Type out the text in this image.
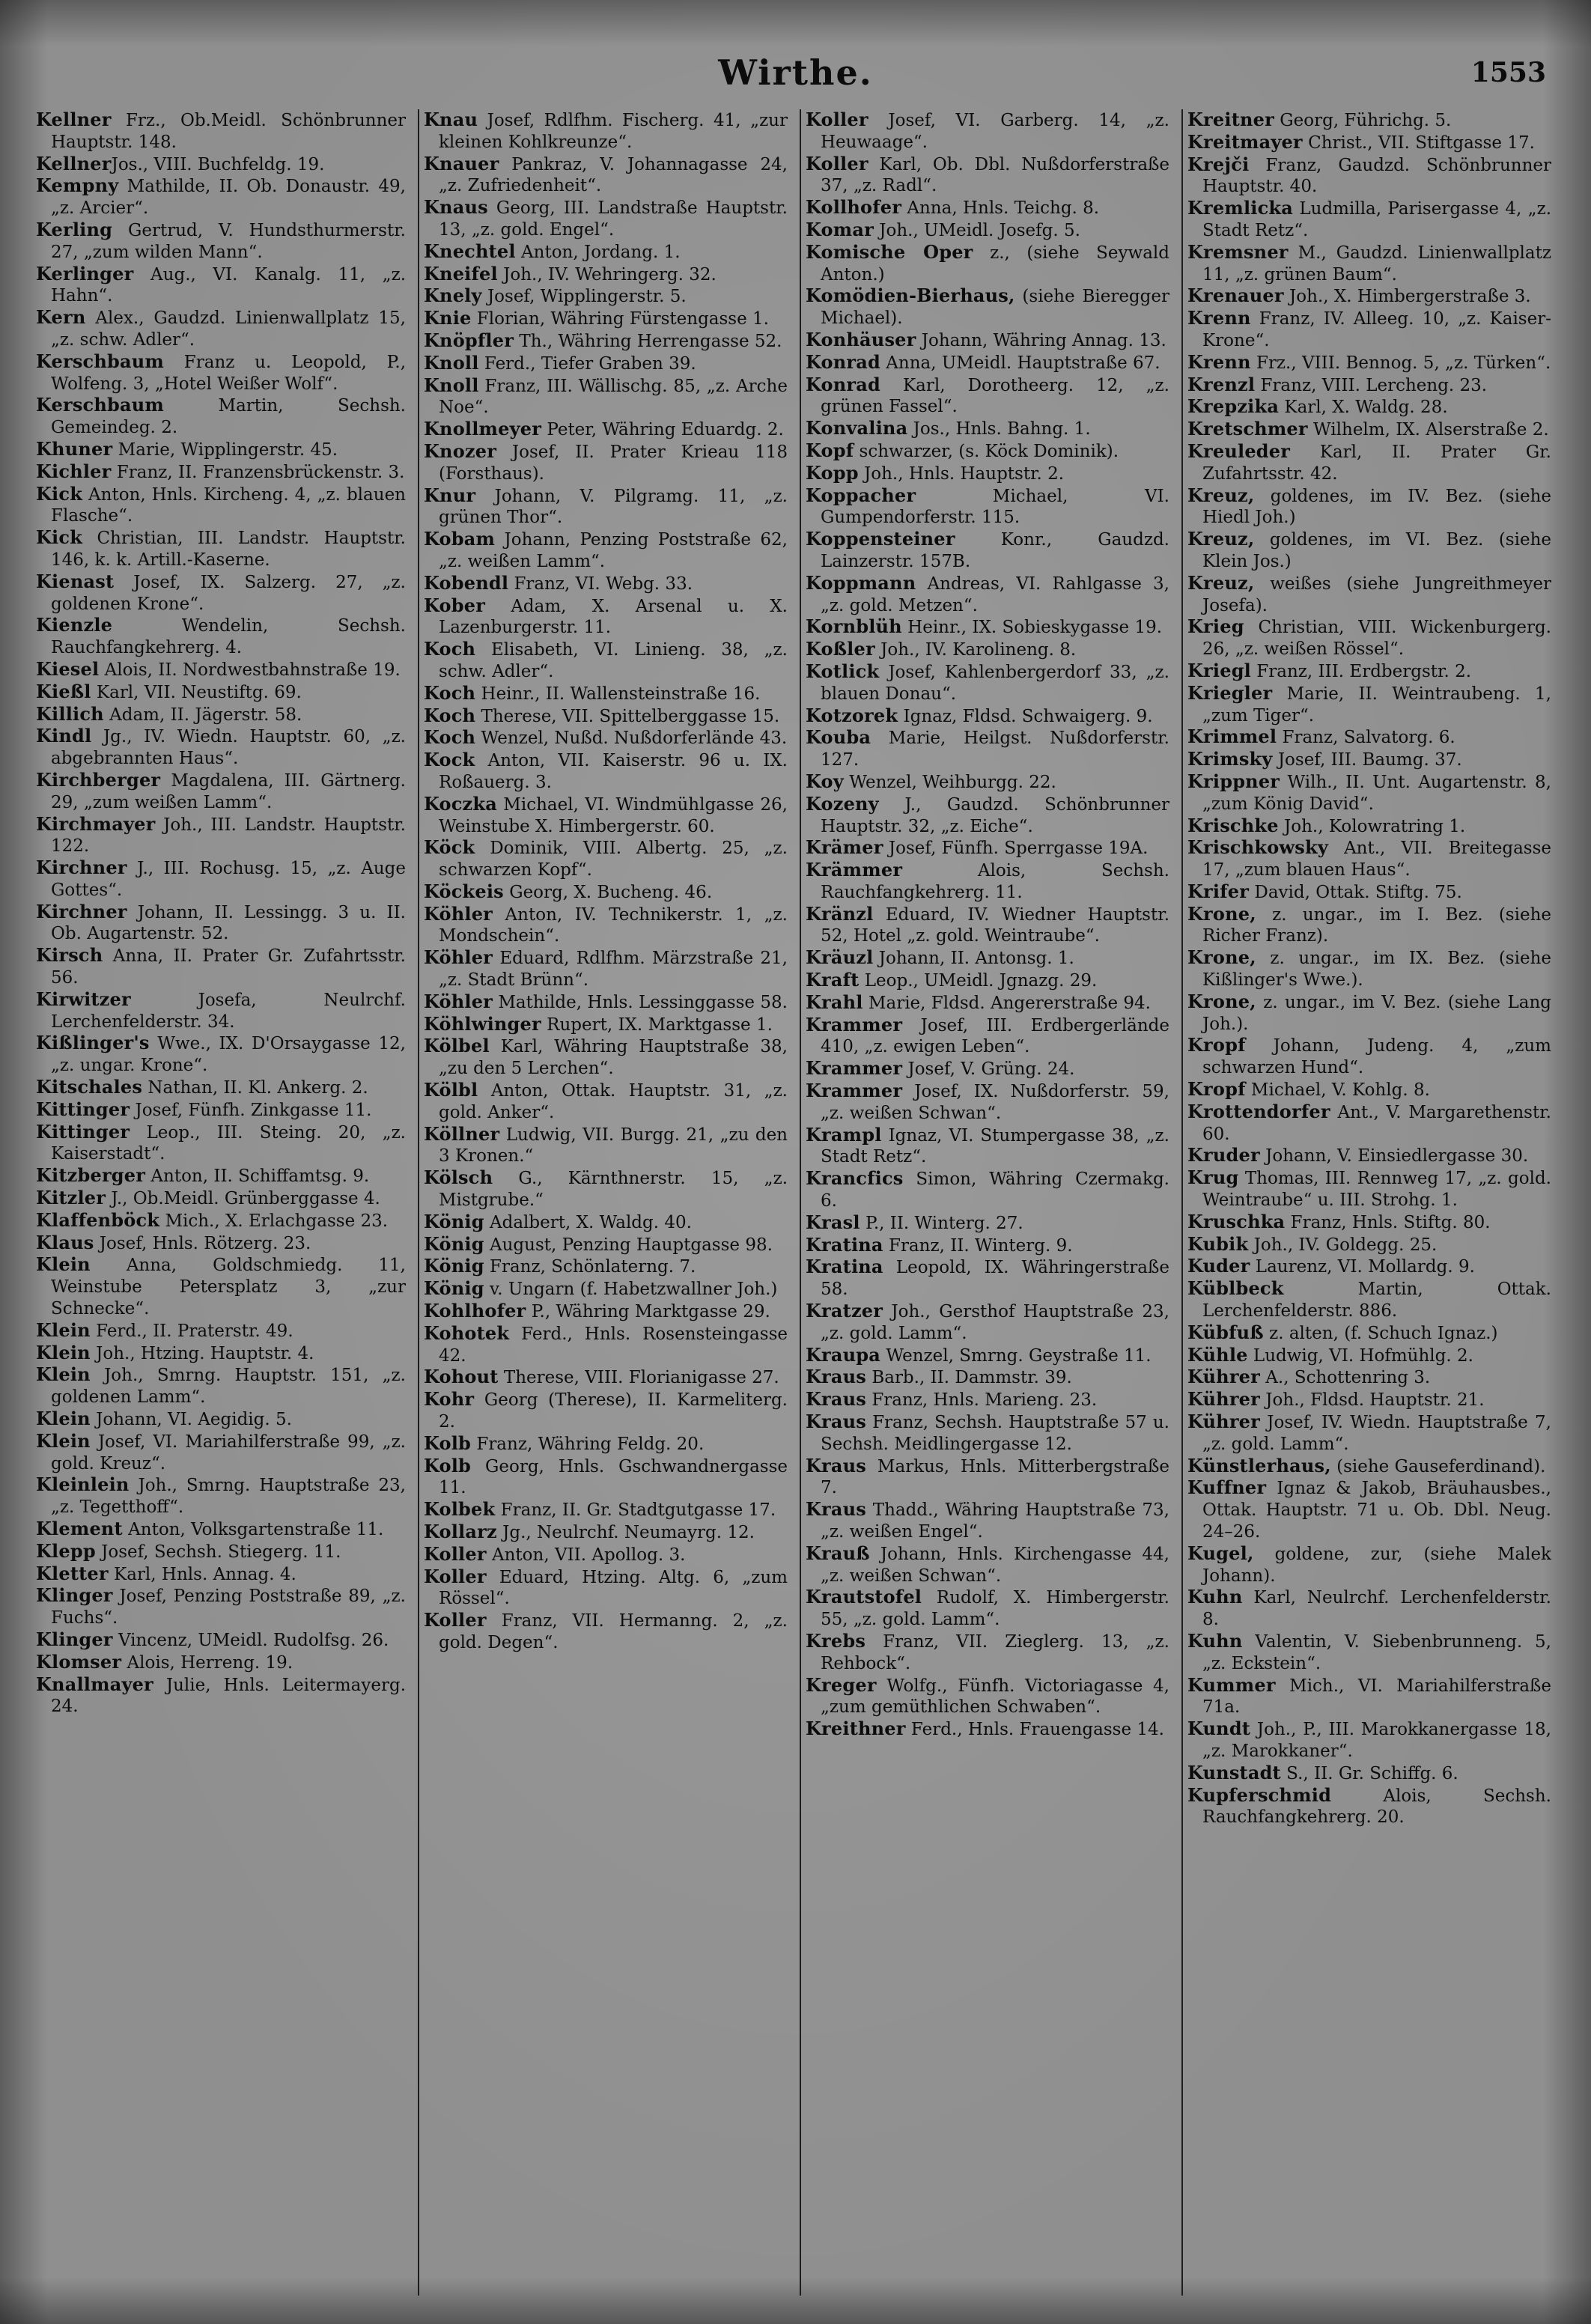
Wirthe.	1553

Kellner Frz., Ob.Meidl. Schönbrunner Hauptstr. 148.

KellnerJos., VIII. Buchfeldg. 19.

Kempny Mathilde, II. Ob. Donaustr. 49, „z. Arcier“.

Kerling Gertrud, V. Hundsthurmerstr. 27, „zum wilden Mann“.

Kerlinger Aug., VI. Kanalg. 11, „z. Hahn“.

Kern Alex., Gaudzd. Linienwallplatz 15, „z. schw. Adler“.

Kerschbaum Franz u. Leopold, P., Wolfeng. 3, „Hotel Weißer Wolf“.

Kerschbaum Martin, Sechsh. Gemeindeg. 2.

Khuner Marie, Wipplingerstr. 45.

Kichler Franz, II. Franzensbrückenstr. 3.

Kick Anton, Hnls. Kircheng. 4, „z. blauen Flasche“.

Kick Christian, III. Landstr. Hauptstr. 146, k. k. Artill.-Kaserne.

Kienast Josef, IX. Salzerg. 27, „z. goldenen Krone“.

Kienzle Wendelin, Sechsh. Rauchfangkehrerg. 4.

Kiesel Alois, II. Nordwestbahnstraße 19.

Kießl Karl, VII. Neustiftg. 69.

Killich Adam, II. Jägerstr. 58.

Kindl Jg., IV. Wiedn. Hauptstr. 60, „z. abgebrannten Haus“.

Kirchberger Magdalena, III. Gärtnerg. 29, „zum weißen Lamm“.

Kirchmayer Joh., III. Landstr. Hauptstr. 122.

Kirchner J., III. Rochusg. 15, „z. Auge Gottes“.

Kirchner Johann, II. Lessingg. 3 u. II. Ob. Augartenstr. 52.

Kirsch Anna, II. Prater Gr. Zufahrtsstr. 56.

Kirwitzer Josefa, Neulrchf. Lerchenfelderstr. 34.

Kißlinger's Wwe., IX. D'Orsaygasse 12, „z. ungar. Krone“.

Kitschales Nathan, II. Kl. Ankerg. 2.

Kittinger Josef, Fünfh. Zinkgasse 11.

Kittinger Leop., III. Steing. 20, „z. Kaiserstadt“.

Kitzberger Anton, II. Schiffamtsg. 9.

Kitzler J., Ob.Meidl. Grünberggasse 4.

Klaffenböck Mich., X. Erlachgasse 23.

Klaus Josef, Hnls. Rötzerg. 23.

Klein Anna, Goldschmiedg. 11, Weinstube Petersplatz 3, „zur Schnecke“.

Klein Ferd., II. Praterstr. 49.

Klein Joh., Htzing. Hauptstr. 4.

Klein Joh., Smrng. Hauptstr. 151, „z. goldenen Lamm“.

Klein Johann, VI. Aegidig. 5.

Klein Josef, VI. Mariahilferstraße 99, „z. gold. Kreuz“.

Kleinlein Joh., Smrng. Hauptstraße 23, „z. Tegetthoff“.

Klement Anton, Volksgartenstraße 11.

Klepp Josef, Sechsh. Stiegerg. 11.

Kletter Karl, Hnls. Annag. 4.

Klinger Josef, Penzing Poststraße 89, „z. Fuchs“.

Klinger Vincenz, UMeidl. Rudolfsg. 26.

Klomser Alois, Herreng. 19.

Knallmayer Julie, Hnls. Leitermayerg. 24.

Knau Josef, Rdlfhm. Fischerg. 41, „zur kleinen Kohlkreunze“.

Knauer Pankraz, V. Johannagasse 24, „z. Zufriedenheit“.

Knaus Georg, III. Landstraße Hauptstr. 13, „z. gold. Engel“.

Knechtel Anton, Jordang. 1.

Kneifel Joh., IV. Wehringerg. 32.

Knely Josef, Wipplingerstr. 5.

Knie Florian, Währing Fürstengasse 1.

Knöpfler Th., Währing Herrengasse 52.

Knoll Ferd., Tiefer Graben 39.

Knoll Franz, III. Wällischg. 85, „z. Arche Noe“.

Knollmeyer Peter, Währing Eduardg. 2.

Knozer Josef, II. Prater Krieau 118 (Forsthaus).

Knur Johann, V. Pilgramg. 11, „z. grünen Thor“.

Kobam Johann, Penzing Poststraße 62, „z. weißen Lamm“.

Kobendl Franz, VI. Webg. 33.

Kober Adam, X. Arsenal u. X. Lazenburgerstr. 11.

Koch Elisabeth, VI. Linieng. 38, „z. schw. Adler“.

Koch Heinr., II. Wallensteinstraße 16.

Koch Therese, VII. Spittelberggasse 15.

Koch Wenzel, Nußd. Nußdorferlände 43.

Kock Anton, VII. Kaiserstr. 96 u. IX. Roßauerg. 3.

Koczka Michael, VI. Windmühlgasse 26, Weinstube X. Himbergerstr. 60.

Köck Dominik, VIII. Albertg. 25, „z. schwarzen Kopf“.

Köckeis Georg, X. Bucheng. 46.

Köhler Anton, IV. Technikerstr. 1, „z. Mondschein“.

Köhler Eduard, Rdlfhm. Märzstraße 21, „z. Stadt Brünn“.

Köhler Mathilde, Hnls. Lessinggasse 58.

Köhlwinger Rupert, IX. Marktgasse 1.

Kölbel Karl, Währing Hauptstraße 38, „zu den 5 Lerchen“.

Kölbl Anton, Ottak. Hauptstr. 31, „z. gold. Anker“.

Köllner Ludwig, VII. Burgg. 21, „zu den 3 Kronen.“

Kölsch G., Kärnthnerstr. 15, „z. Mistgrube.“

König Adalbert, X. Waldg. 40.

König August, Penzing Hauptgasse 98.

König Franz, Schönlaterng. 7.

König v. Ungarn (f. Habetzwallner Joh.)

Kohlhofer P., Währing Marktgasse 29.

Kohotek Ferd., Hnls. Rosensteingasse 42.

Kohout Therese, VIII. Florianigasse 27.

Kohr Georg (Therese), II. Karmeliterg. 2.

Kolb Franz, Währing Feldg. 20.

Kolb Georg, Hnls. Gschwandnergasse 11.

Kolbek Franz, II. Gr. Stadtgutgasse 17.

Kollarz Jg., Neulrchf. Neumayrg. 12.

Koller Anton, VII. Apollog. 3.

Koller Eduard, Htzing. Altg. 6, „zum Rössel“.

Koller Franz, VII. Hermanng. 2, „z. gold. Degen“.

Koller Josef, VI. Garberg. 14, „z. Heuwaage“.

Koller Karl, Ob. Dbl. Nußdorferstraße 37, „z. Radl“.

Kollhofer Anna, Hnls. Teichg. 8.

Komar Joh., UMeidl. Josefg. 5.

Komische Oper z., (siehe Seywald Anton.)

Komödien-Bierhaus, (siehe Bieregger Michael).

Konhäuser Johann, Währing Annag. 13.

Konrad Anna, UMeidl. Hauptstraße 67.

Konrad Karl, Dorotheerg. 12, „z. grünen Fassel“.

Konvalina Jos., Hnls. Bahng. 1.

Kopf schwarzer, (s. Köck Dominik).

Kopp Joh., Hnls. Hauptstr. 2.

Koppacher Michael, VI. Gumpendorferstr. 115.

Koppensteiner Konr., Gaudzd. Lainzerstr. 157B.

Koppmann Andreas, VI. Rahlgasse 3, „z. gold. Metzen“.

Kornblüh Heinr., IX. Sobieskygasse 19.

Koßler Joh., IV. Karolineng. 8.

Kotlick Josef, Kahlenbergerdorf 33, „z. blauen Donau“.

Kotzorek Ignaz, Fldsd. Schwaigerg. 9.

Kouba Marie, Heilgst. Nußdorferstr. 127.

Koy Wenzel, Weihburgg. 22.

Kozeny J., Gaudzd. Schönbrunner Hauptstr. 32, „z. Eiche“.

Krämer Josef, Fünfh. Sperrgasse 19A.

Krämmer Alois, Sechsh. Rauchfangkehrerg. 11.

Kränzl Eduard, IV. Wiedner Hauptstr. 52, Hotel „z. gold. Weintraube“.

Kräuzl Johann, II. Antonsg. 1.

Kraft Leop., UMeidl. Jgnazg. 29.

Krahl Marie, Fldsd. Angererstraße 94.

Krammer Josef, III. Erdbergerlände 410, „z. ewigen Leben“.

Krammer Josef, V. Grüng. 24.

Krammer Josef, IX. Nußdorferstr. 59, „z. weißen Schwan“.

Krampl Ignaz, VI. Stumpergasse 38, „z. Stadt Retz“.

Krancfics Simon, Währing Czermakg. 6.

Krasl P., II. Winterg. 27.

Kratina Franz, II. Winterg. 9.

Kratina Leopold, IX. Währingerstraße 58.

Kratzer Joh., Gersthof Hauptstraße 23, „z. gold. Lamm“.

Kraupa Wenzel, Smrng. Geystraße 11.

Kraus Barb., II. Dammstr. 39.

Kraus Franz, Hnls. Marieng. 23.

Kraus Franz, Sechsh. Hauptstraße 57 u. Sechsh. Meidlingergasse 12.

Kraus Markus, Hnls. Mitterbergstraße 7.

Kraus Thadd., Währing Hauptstraße 73, „z. weißen Engel“.

Krauß Johann, Hnls. Kirchengasse 44, „z. weißen Schwan“.

Krautstofel Rudolf, X. Himbergerstr. 55, „z. gold. Lamm“.

Krebs Franz, VII. Zieglerg. 13, „z. Rehbock“.

Kreger Wolfg., Fünfh. Victoriagasse 4, „zum gemüthlichen Schwaben“.

Kreithner Ferd., Hnls. Frauengasse 14.

Kreitner Georg, Führichg. 5.

Kreitmayer Christ., VII. Stiftgasse 17.

Krejči Franz, Gaudzd. Schönbrunner Hauptstr. 40.

Kremlicka Ludmilla, Parisergasse 4, „z. Stadt Retz“.

Kremsner M., Gaudzd. Linienwallplatz 11, „z. grünen Baum“.

Krenauer Joh., X. Himbergerstraße 3.

Krenn Franz, IV. Alleeg. 10, „z. Kaiser-Krone“.

Krenn Frz., VIII. Bennog. 5, „z. Türken“.

Krenzl Franz, VIII. Lercheng. 23.

Krepzika Karl, X. Waldg. 28.

Kretschmer Wilhelm, IX. Alserstraße 2.

Kreuleder Karl, II. Prater Gr. Zufahrtsstr. 42.

Kreuz, goldenes, im IV. Bez. (siehe Hiedl Joh.)

Kreuz, goldenes, im VI. Bez. (siehe Klein Jos.)

Kreuz, weißes (siehe Jungreithmeyer Josefa).

Krieg Christian, VIII. Wickenburgerg. 26, „z. weißen Rössel“.

Kriegl Franz, III. Erdbergstr. 2.

Kriegler Marie, II. Weintraubeng. 1, „zum Tiger“.

Krimmel Franz, Salvatorg. 6.

Krimsky Josef, III. Baumg. 37.

Krippner Wilh., II. Unt. Augartenstr. 8, „zum König David“.

Krischke Joh., Kolowratring 1.

Krischkowsky Ant., VII. Breitegasse 17, „zum blauen Haus“.

Krifer David, Ottak. Stiftg. 75.

Krone, z. ungar., im I. Bez. (siehe Richer Franz).

Krone, z. ungar., im IX. Bez. (siehe Kißlinger's Wwe.).

Krone, z. ungar., im V. Bez. (siehe Lang Joh.).

Kropf Johann, Judeng. 4, „zum schwarzen Hund“.

Kropf Michael, V. Kohlg. 8.

Krottendorfer Ant., V. Margarethenstr. 60.

Kruder Johann, V. Einsiedlergasse 30.

Krug Thomas, III. Rennweg 17, „z. gold. Weintraube“ u. III. Strohg. 1.

Kruschka Franz, Hnls. Stiftg. 80.

Kubik Joh., IV. Goldegg. 25.

Kuder Laurenz, VI. Mollardg. 9.

Küblbeck Martin, Ottak. Lerchenfelderstr. 886.

Kübfuß z. alten, (f. Schuch Ignaz.)

Kühle Ludwig, VI. Hofmühlg. 2.

Kührer A., Schottenring 3.

Kührer Joh., Fldsd. Hauptstr. 21.

Kührer Josef, IV. Wiedn. Hauptstraße 7, „z. gold. Lamm“.

Künstlerhaus, (siehe Gauseferdinand).

Kuffner Ignaz & Jakob, Bräuhausbes., Ottak. Hauptstr. 71 u. Ob. Dbl. Neug. 24–26.

Kugel, goldene, zur, (siehe Malek Johann).

Kuhn Karl, Neulrchf. Lerchenfelderstr. 8.

Kuhn Valentin, V. Siebenbrunneng. 5, „z. Eckstein“.

Kummer Mich., VI. Mariahilferstraße 71a.

Kundt Joh., P., III. Marokkanergasse 18, „z. Marokkaner“.

Kunstadt S., II. Gr. Schiffg. 6.

Kupferschmid Alois, Sechsh. Rauchfangkehrerg. 20.
